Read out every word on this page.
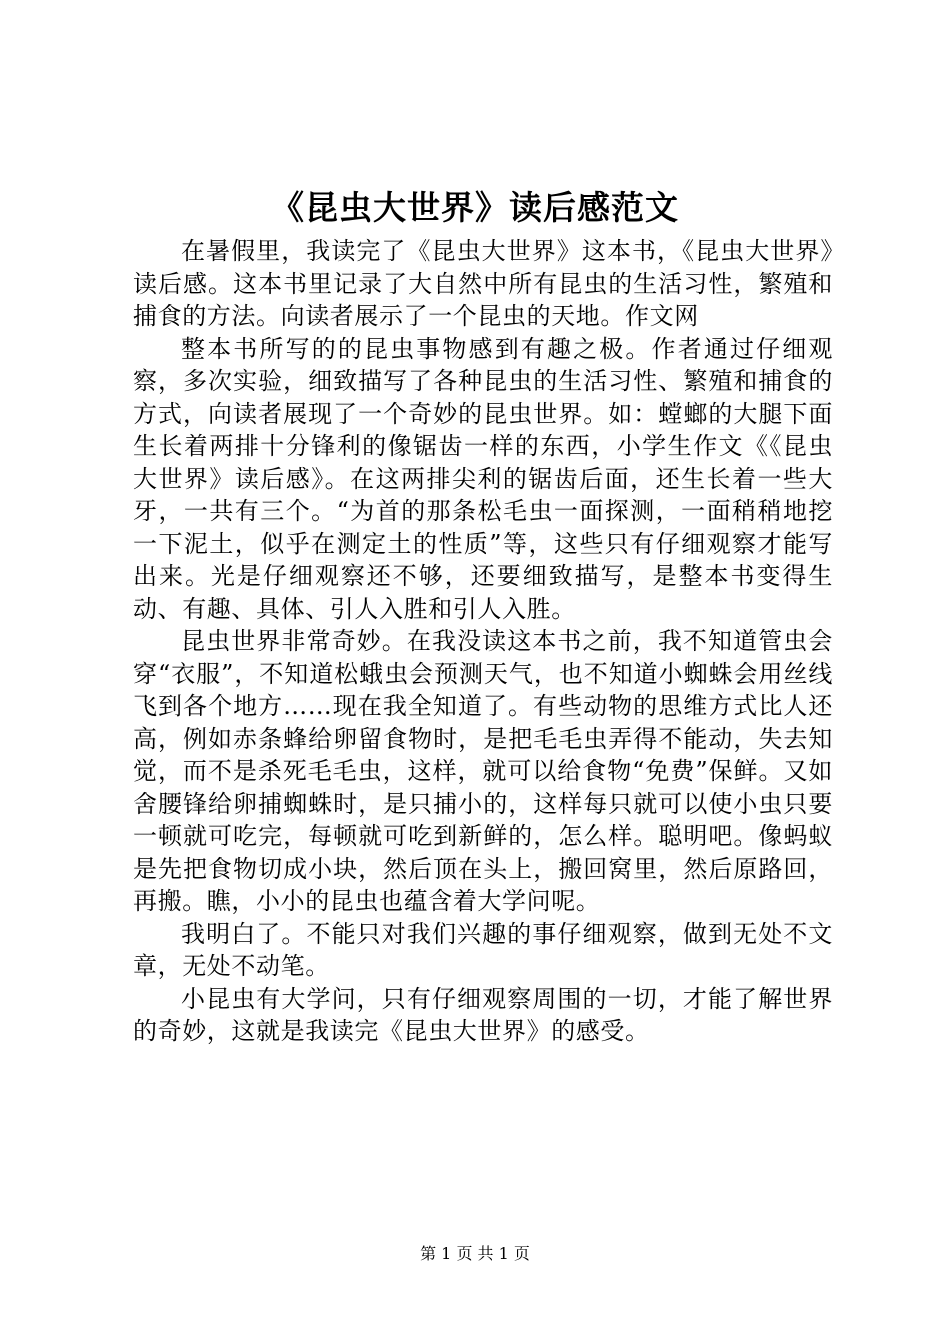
《昆虫大世界》读后感范文

在暑假里，我读完了《昆虫大世界》这本书，《昆虫大世界》读后感。这本书里记录了大自然中所有昆虫的生活习性，繁殖和捕食的方法。向读者展示了一个昆虫的天地。作文网

整本书所写的的昆虫事物感到有趣之极。作者通过仔细观察，多次实验，细致描写了各种昆虫的生活习性、繁殖和捕食的方式，向读者展现了一个奇妙的昆虫世界。如：螳螂的大腿下面生长着两排十分锋利的像锯齿一样的东西，小学生作文《《昆虫大世界》读后感》。在这两排尖利的锯齿后面，还生长着一些大牙，一共有三个。“为首的那条松毛虫一面探测，一面稍稍地挖一下泥土，似乎在测定土的性质”等，这些只有仔细观察才能写出来。光是仔细观察还不够，还要细致描写，是整本书变得生动、有趣、具体、引人入胜和引人入胜。

昆虫世界非常奇妙。在我没读这本书之前，我不知道管虫会穿“衣服”，不知道松蛾虫会预测天气，也不知道小蜘蛛会用丝线飞到各个地方……现在我全知道了。有些动物的思维方式比人还高，例如赤条蜂给卵留食物时，是把毛毛虫弄得不能动，失去知觉，而不是杀死毛毛虫，这样，就可以给食物“免费”保鲜。又如舍腰锋给卵捕蜘蛛时，是只捕小的，这样每只就可以使小虫只要一顿就可吃完，每顿就可吃到新鲜的，怎么样。聪明吧。像蚂蚁是先把食物切成小块，然后顶在头上，搬回窝里，然后原路回，再搬。瞧，小小的昆虫也蕴含着大学问呢。

我明白了。不能只对我们兴趣的事仔细观察，做到无处不文章，无处不动笔。

小昆虫有大学问，只有仔细观察周围的一切，才能了解世界的奇妙，这就是我读完《昆虫大世界》的感受。

第 1 页 共 1 页
